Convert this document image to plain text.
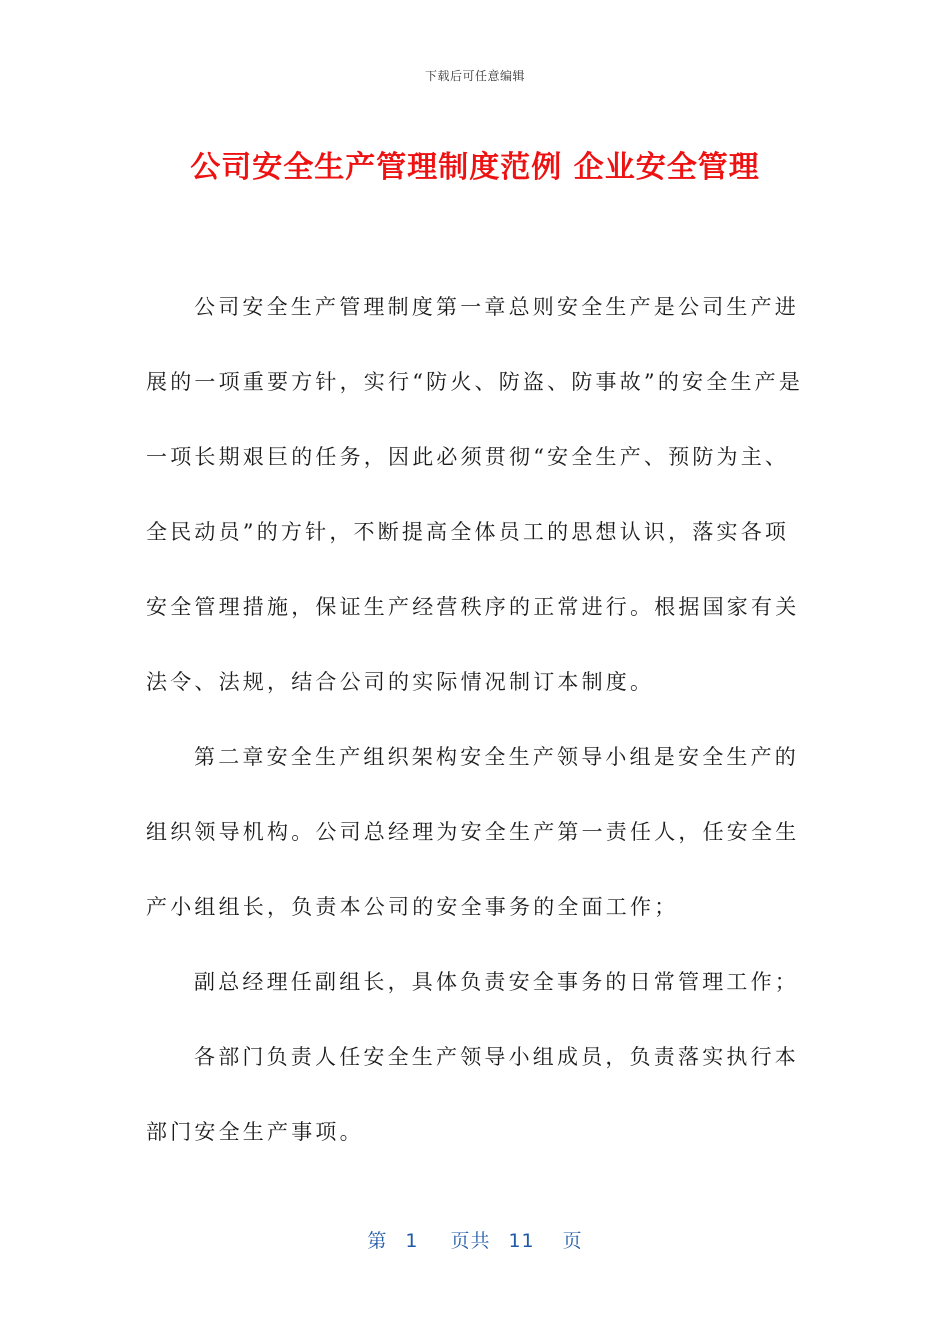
下载后可任意编辑
公司安全生产管理制度范例 企业安全管理

公司安全生产管理制度第一章总则安全生产是公司生产进展的一项重要方针，实行“防火、防盗、防事故”的安全生产是一项长期艰巨的任务，因此必须贯彻“安全生产、预防为主、全民动员”的方针，不断提高全体员工的思想认识，落实各项安全管理措施，保证生产经营秩序的正常进行。根据国家有关法令、法规，结合公司的实际情况制订本制度。

第二章安全生产组织架构安全生产领导小组是安全生产的组织领导机构。公司总经理为安全生产第一责任人，任安全生产小组组长，负责本公司的安全事务的全面工作；

副总经理任副组长，具体负责安全事务的日常管理工作；

各部门负责人任安全生产领导小组成员，负责落实执行本部门安全生产事项。

第 1 页共 11 页
